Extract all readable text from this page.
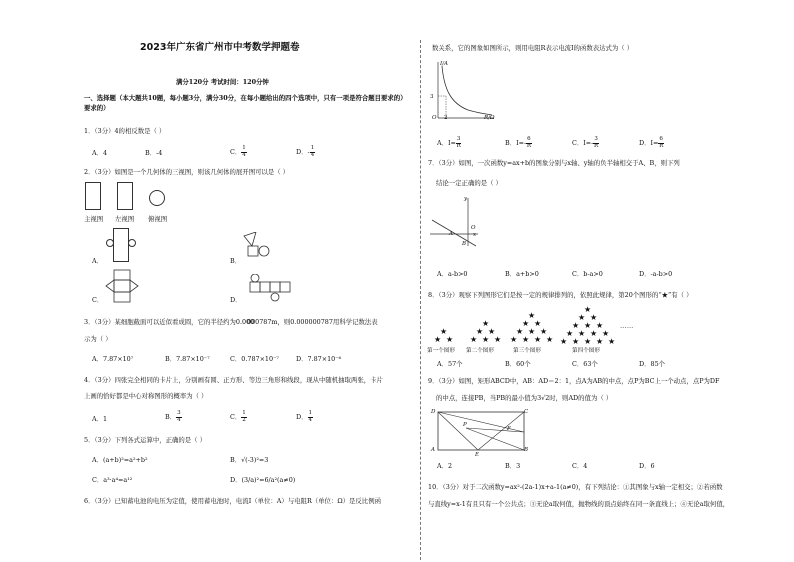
2023年广东省广州市中考数学押题卷
满分120分 考试时间：120分钟
一、选择题（本大题共10题，每小题3分，满分30分，在每小题给出的四个选项中，只有一项是符合题目要求的）
要求的）
1．（3分）4的相反数是（ ）
A．4	B．-4	C． $\frac{1}{4}$	D．- $\frac{1}{4}$
2．（3分）如图是一个几何体的三视图，则该几何体的展开图可以是（ ）
主视图 左视图 俯视图
A．	B．
C．	D．
3．（3分）某细胞截面可以近似看成圆，它的半径约为0.000
000787m，则0.000000787用科学记数法表
示为（ ）
A．7.87×10⁷	B．7.87×10⁻⁷	C．0.787×10⁻⁷	D．7.87×10⁻⁶
4．（3分）四张完全相同的卡片上，分别画有圆、正方形、等边三角形和线段，现从中随机抽取两张，卡片
上画的恰好都是中心对称图形的概率为（ ）
A．1	B． $\frac{3}{4}$	C． $\frac{1}{2}$	D． $\frac{1}{4}$
5．（3分）下列各式运算中，正确的是（ ）
A．(a+b)²=a²+b²	B．√(-3)²=3
C．a³·a⁴=a¹²	D．(3/a)²=6/a²(a≠0)
6．（3分）已知蓄电池的电压为定值，使用蓄电池时，电流I（单位：A）与电阻R（单位：Ω）是反比例函
数关系，它的图象如图所示，则用电阻R表示电流I的函数表达式为（ ）
I/A
R/Ω
O 2
3
A．$I= \frac{3}{R}$	B．$I=- \frac{6}{R}$	C．$I=- \frac{3}{R}$	D．$I= \frac{6}{R}$
7．（3分）如图，一次函数y=ax+b的图象分别与x轴、y轴的负半轴相交于A、B，则下列
结论一定正确的是（ ）
y
x
O
A
B
A．a-b>0	B．a+b>0	C．b-a>0	D．-a-b>0
8．（3分）观察下列图形它们是按一定的规律排列的，依照此规律，第20个图形的“★”有（ ）
★
★ ★
★
★ ★
★ ★ ★
★
★ ★
★ ★ ★
★ ★ ★ ★
★
★ ★
★ ★ ★
★ ★ ★ ★
★ ★ ★ ★ ★
……
第一个图形 第二个图形	第三个图形	第四个图形
A．57个	B．60个	C．63个	D．85个
9．（3分）如图，矩形ABCD中，AB：AD＝2：1，点A为AB的中点，点P为BC上一个动点，点P为DF
的中点，连接PB，当PB的最小值为3√2时，则AD的值为（ ）
D	C
A	B
E
F
P
A．2	B．3	C．4	D．6
10．（3分）对于二次函数y=ax²-(2a-1)x+a-1(a≠0)，有下列结论：①其图象与x轴一定相交；②若函数
与直线y=x-1有且只有一个公共点；③无论a取何值，抛物线的顶点始终在同一条直线上；④无论a取何值，
